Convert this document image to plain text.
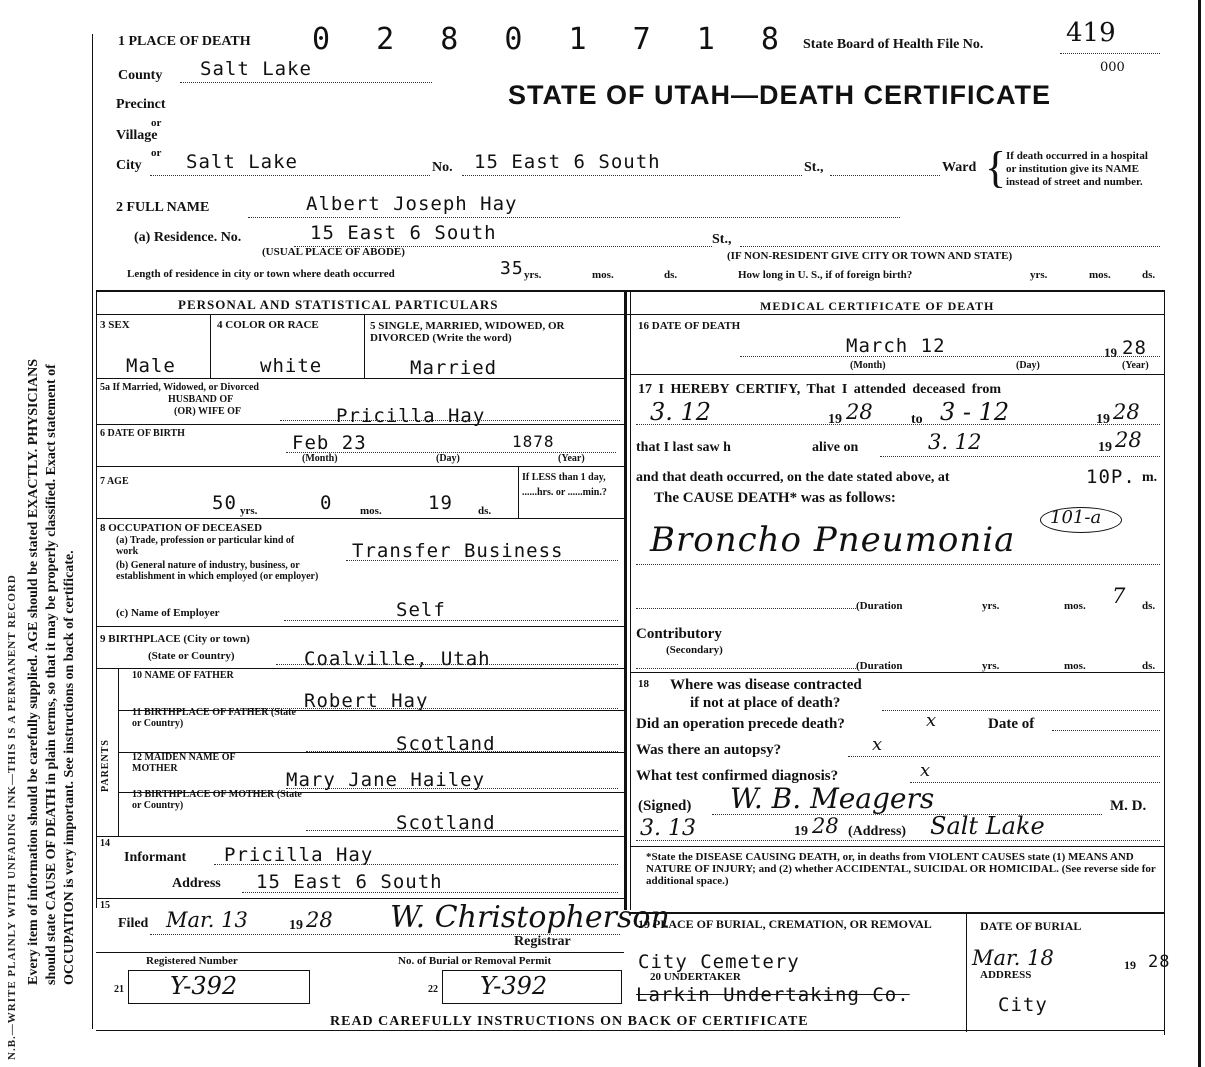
N.B.—WRITE PLAINLY WITH UNFADING INK—THIS IS A PERMANENT RECORD Every item of information should be carefully supplied. AGE should be stated EXACTLY. PHYSICIANS should state CAUSE OF DEATH in plain terms, so that it may be properly classified. Exact statement of OCCUPATION is very important. See instructions on back of certificate.
1 PLACE OF DEATH 0 2 8 0 1 7 1 8 State Board of Health File No.	419
000
STATE OF UTAH—DEATH CERTIFICATE
County Salt Lake
Precinct
or
Village
or
City Salt Lake	No. 15 East 6 South	St.,	Ward { If death occurred in a hospital or institution give its NAME instead of street and number.
2 FULL NAME	Albert Joseph Hay
(a) Residence. No.	15 East 6 South	St.,
(USUAL PLACE OF ABODE)	(IF NON-RESIDENT GIVE CITY OR TOWN AND STATE)
Length of residence in city or town where death occurred	35 yrs.	mos.	ds.	How long in U. S., if of foreign birth?	yrs.	mos.	ds.
PERSONAL AND STATISTICAL PARTICULARS
3 SEX	4 COLOR OR RACE	5 SINGLE, MARRIED, WIDOWED, OR DIVORCED (Write the word)
Male	white	Married
5a If Married, Widowed, or Divorced
HUSBAND OF
(OR) WIFE OF	Pricilla Hay
6 DATE OF BIRTH	Feb 23	1878
(Month)	(Day)	(Year)
7 AGE
50 yrs.	0	mos. 19 ds.
If LESS than 1 day, ......hrs. or ......min.?
8 OCCUPATION OF DECEASED
(a) Trade, profession or particular kind of work
(b) General nature of industry, business, or establishment in which employed (or employer)
Transfer Business
(c) Name of Employer	Self
9 BIRTHPLACE (City or town)
(State or Country)	Coalville, Utah
PARENTS
10 NAME OF FATHER
Robert Hay
11 BIRTHPLACE OF FATHER (State or Country)
Scotland
12 MAIDEN NAME OF MOTHER
Mary Jane Hailey
13 BIRTHPLACE OF MOTHER (State or Country)
Scotland
14
Informant Pricilla Hay
Address 15 East 6 South
15
Filed Mar. 13	19 28 W. Christopherson
Registrar
Registered Number	No. of Burial or Removal Permit
21 Y-392	22 Y-392
READ CAREFULLY INSTRUCTIONS ON BACK OF CERTIFICATE
MEDICAL CERTIFICATE OF DEATH
16 DATE OF DEATH
March 12	19 28
(Month)	(Day)	(Year)
17 I HEREBY CERTIFY, That I attended deceased from
3. 12	19 28	to 3 - 12	19 28
that I last saw h	alive on	3. 12	19 28
and that death occurred, on the date stated above, at	10P. m.
The CAUSE DEATH* was as follows:
101-a
Broncho Pneumonia
(Duration	yrs.	mos. 7 ds.
Contributory
(Secondary)
(Duration	yrs.	mos.	ds.
18 Where was disease contracted
if not at place of death?
Did an operation precede death?	x	Date of
Was there an autopsy?	x
What test confirmed diagnosis?	x
(Signed) W. B. Meagers	M. D.
3. 13	19 28 (Address) Salt Lake
*State the DISEASE CAUSING DEATH, or, in deaths from VIOLENT CAUSES state (1) MEANS AND NATURE OF INJURY; and (2) whether ACCIDENTAL, SUICIDAL OR HOMICIDAL. (See reverse side for additional space.)
19 PLACE OF BURIAL, CREMATION, OR REMOVAL	DATE OF BURIAL
City Cemetery	Mar. 18	19 28
20 UNDERTAKER	ADDRESS
Larkin Undertaking Co.	City
